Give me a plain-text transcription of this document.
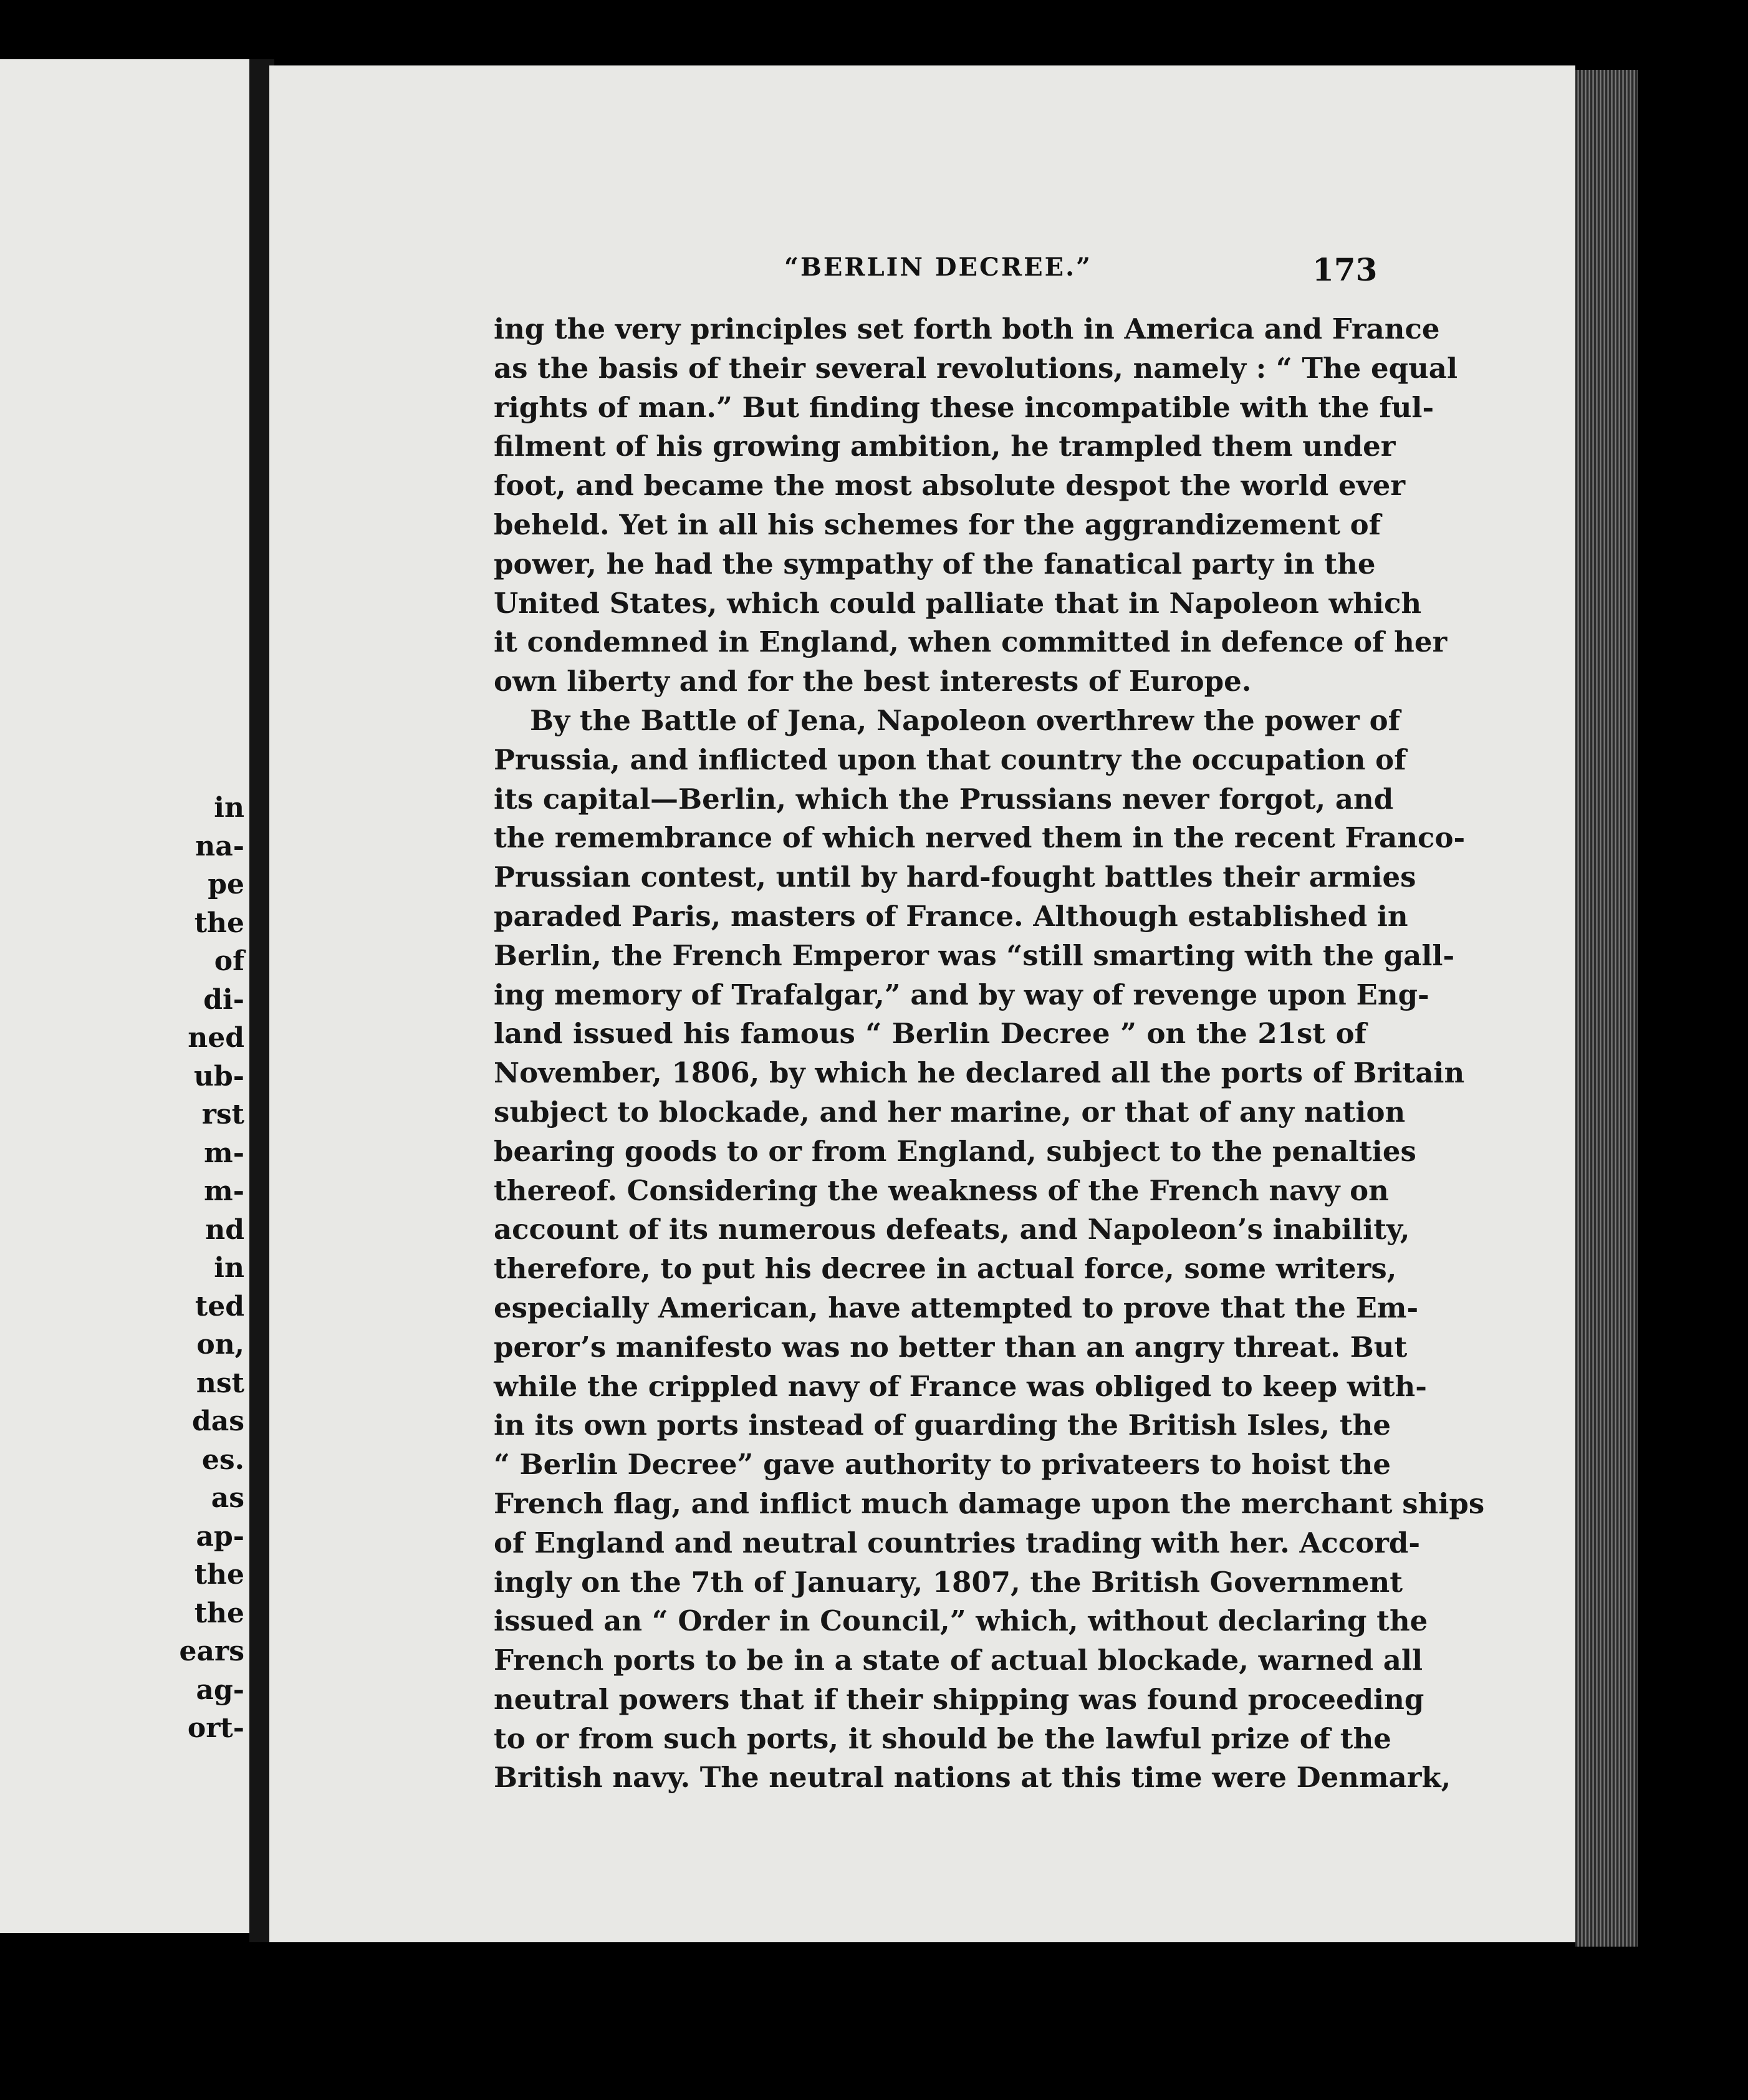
in
na-
pe
the
of
di-
ned
ub-
rst
m-
m-
nd
in
ted
on,
nst
das
es.
as
ap-
the
the
ears
ag-
ort-
“BERLIN DECREE.”	173
ing the very principles set forth both in America and France
as the basis of their several revolutions, namely : “ The equal
rights of man.” But finding these incompatible with the ful-
filment of his growing ambition, he trampled them under
foot, and became the most absolute despot the world ever
beheld. Yet in all his schemes for the aggrandizement of
power, he had the sympathy of the fanatical party in the
United States, which could palliate that in Napoleon which
it condemned in England, when committed in defence of her
own liberty and for the best interests of Europe.
By the Battle of Jena, Napoleon overthrew the power of
Prussia, and inflicted upon that country the occupation of
its capital—Berlin, which the Prussians never forgot, and
the remembrance of which nerved them in the recent Franco-
Prussian contest, until by hard-fought battles their armies
paraded Paris, masters of France. Although established in
Berlin, the French Emperor was “still smarting with the gall-
ing memory of Trafalgar,” and by way of revenge upon Eng-
land issued his famous “ Berlin Decree ” on the 21st of
November, 1806, by which he declared all the ports of Britain
subject to blockade, and her marine, or that of any nation
bearing goods to or from England, subject to the penalties
thereof. Considering the weakness of the French navy on
account of its numerous defeats, and Napoleon’s inability,
therefore, to put his decree in actual force, some writers,
especially American, have attempted to prove that the Em-
peror’s manifesto was no better than an angry threat. But
while the crippled navy of France was obliged to keep with-
in its own ports instead of guarding the British Isles, the
“ Berlin Decree” gave authority to privateers to hoist the
French flag, and inflict much damage upon the merchant ships
of England and neutral countries trading with her. Accord-
ingly on the 7th of January, 1807, the British Government
issued an “ Order in Council,” which, without declaring the
French ports to be in a state of actual blockade, warned all
neutral powers that if their shipping was found proceeding
to or from such ports, it should be the lawful prize of the
British navy. The neutral nations at this time were Denmark,
